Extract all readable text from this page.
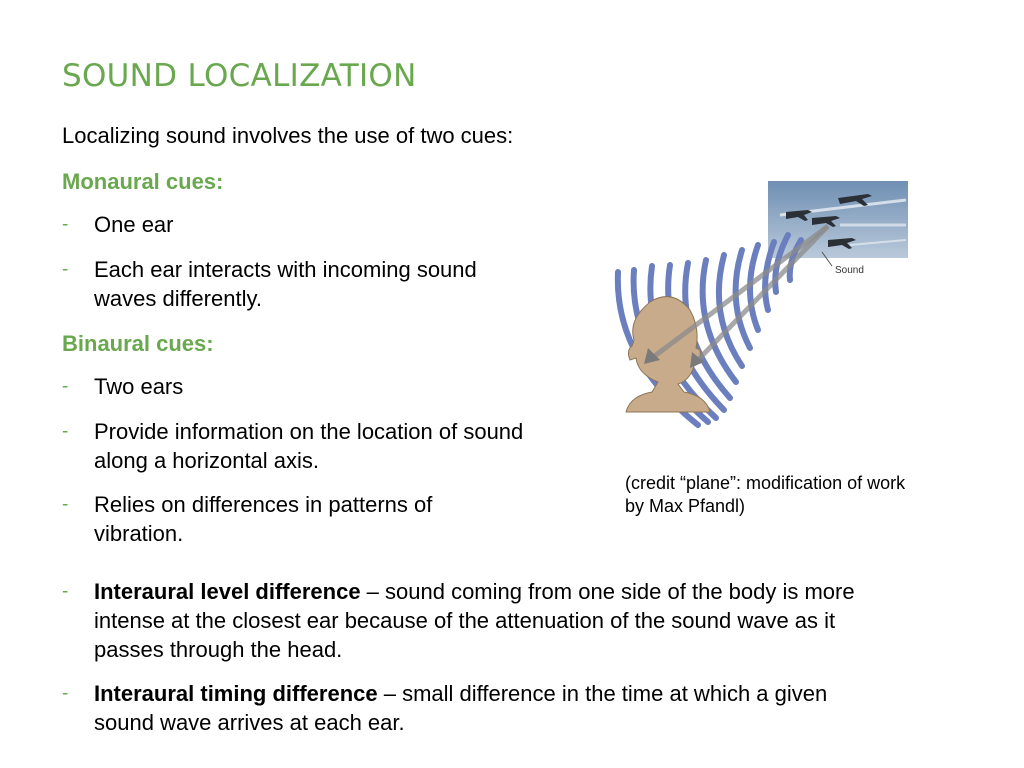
SOUND LOCALIZATION
Localizing sound involves the use of two cues:
Monaural cues:
- One ear
- Each ear interacts with incoming sound
waves differently.
Binaural cues:
- Two ears
- Provide information on the location of sound
along a horizontal axis.
- Relies on differences in patterns of
vibration.
Sound
(credit “plane”: modification of work
by Max Pfandl)
- Interaural level difference – sound coming from one side of the body is more
intense at the closest ear because of the attenuation of the sound wave as it
passes through the head.
- Interaural timing difference – small difference in the time at which a given
sound wave arrives at each ear.
